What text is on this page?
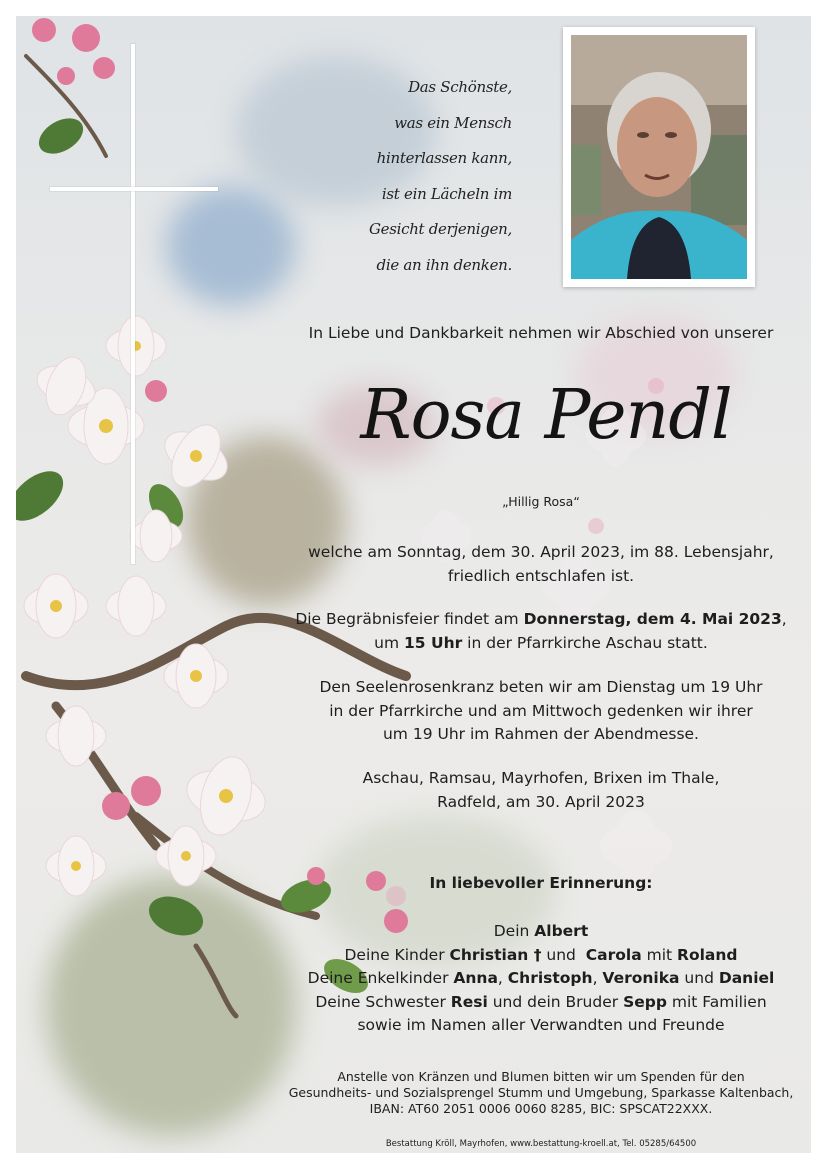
Das Schönste,
was ein Mensch
hinterlassen kann,
ist ein Lächeln im
Gesicht derjenigen,
die an ihn denken.
In Liebe und Dankbarkeit nehmen wir Abschied von unserer
Rosa Pendl
„Hillig Rosa“
welche am Sonntag, dem 30. April 2023, im 88. Lebensjahr,
friedlich entschlafen ist.
Die Begräbnisfeier findet am Donnerstag, dem 4. Mai 2023,
um 15 Uhr in der Pfarrkirche Aschau statt.
Den Seelenrosenkranz beten wir am Dienstag um 19 Uhr
in der Pfarrkirche und am Mittwoch gedenken wir ihrer
um 19 Uhr im Rahmen der Abendmesse.
Aschau, Ramsau, Mayrhofen, Brixen im Thale,
Radfeld, am 30. April 2023
In liebevoller Erinnerung:
Dein Albert
Deine Kinder Christian † und  Carola mit Roland
Deine Enkelkinder Anna, Christoph, Veronika und Daniel
Deine Schwester Resi und dein Bruder Sepp mit Familien
sowie im Namen aller Verwandten und Freunde
Anstelle von Kränzen und Blumen bitten wir um Spenden für den
Gesundheits- und Sozialsprengel Stumm und Umgebung, Sparkasse Kaltenbach,
IBAN: AT60 2051 0006 0060 8285, BIC: SPSCAT22XXX.
Bestattung Kröll, Mayrhofen, www.bestattung-kroell.at, Tel. 05285/64500
